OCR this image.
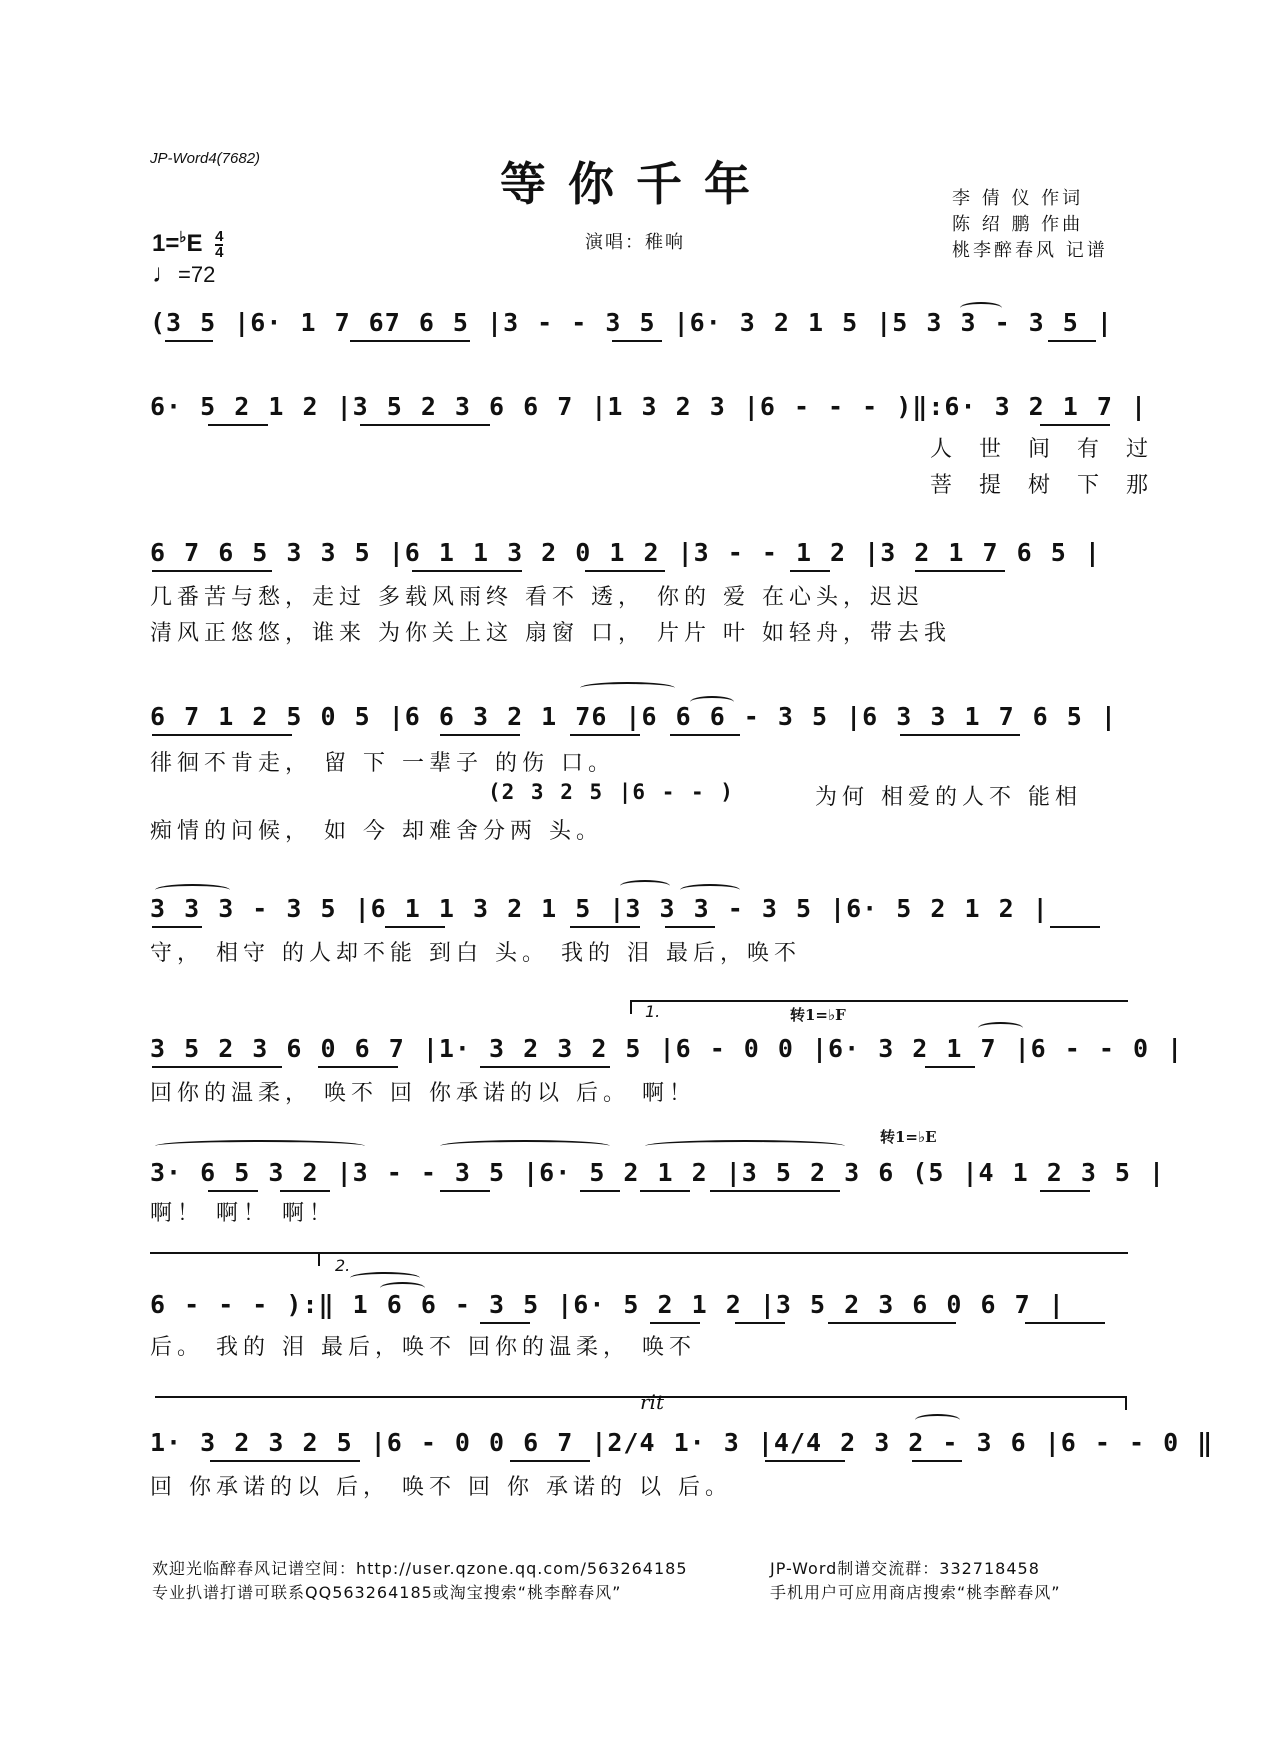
JP-Word4(7682)	等你千年
演唱：稚响
李 倩 仪 作词
陈 绍 鹏 作曲
桃李醉春风 记谱
$1=^♭E \frac{4}{4}$
♩=72
(3 5 |6· 1 7 67 6 5 |3 - - 3 5 |6· 3 2 1 5 |5 3 3 - 3 5 |
6· 5 2 1 2 |3 5 2 3 6 6 7 |1 3 2 3 |6 - - - )‖:6· 3 2 1 7 |
人 世 间 有 过
菩 提 树 下 那
6 7 6 5 3 3 5 |6 1 1 3 2 0 1 2 |3 - - 1 2 |3 2 1 7 6 5 |
几番苦与愁，走过 多载风雨终 看不 透， 你的 爱 在心头，迟迟
清风正悠悠，谁来 为你关上这 扇窗 口， 片片 叶 如轻舟，带去我
6 7 1 2 5 0 5 |6 6 3 2 1 76 |6 6 6 - 3 5 |6 3 3 1 7 6 5 |
徘徊不肯走， 留 下 一辈子 的伤 口。
(2 3 2 5 |6 - - )	为何 相爱的人不 能相
痴情的问候， 如 今 却难舍分两 头。
3 3 3 - 3 5 |6 1 1 3 2 1 5 |3 3 3 - 3 5 |6· 5 2 1 2 |
守， 相守 的人却不能 到白 头。 我的 泪 最后，唤不
1.	转1=♭F
3 5 2 3 6 0 6 7 |1· 3 2 3 2 5 |6 - 0 0 |6· 3 2 1 7 |6 - - 0 |
回你的温柔， 唤不 回 你承诺的以 后。 啊！
转1=♭E
3· 6 5 3 2 |3 - - 3 5 |6· 5 2 1 2 |3 5 2 3 6 (5 |4 1 2 3 5 |
啊！ 啊！ 啊！
2.
6 - - - ):‖ 1 6 6 - 3 5 |6· 5 2 1 2 |3 5 2 3 6 0 6 7 |
后。 我的 泪 最后，唤不 回你的温柔， 唤不
rit
1· 3 2 3 2 5 |6 - 0 0 6 7 |2/4 1· 3 |4/4 2 3 2 - 3 6 |6 - - 0 ‖
回 你承诺的以 后， 唤不 回 你 承诺的 以 后。
欢迎光临醉春风记谱空间：http://user.qzone.qq.com/563264185
专业扒谱打谱可联系QQ563264185或淘宝搜索“桃李醉春风”
JP-Word制谱交流群：332718458
手机用户可应用商店搜索“桃李醉春风”
